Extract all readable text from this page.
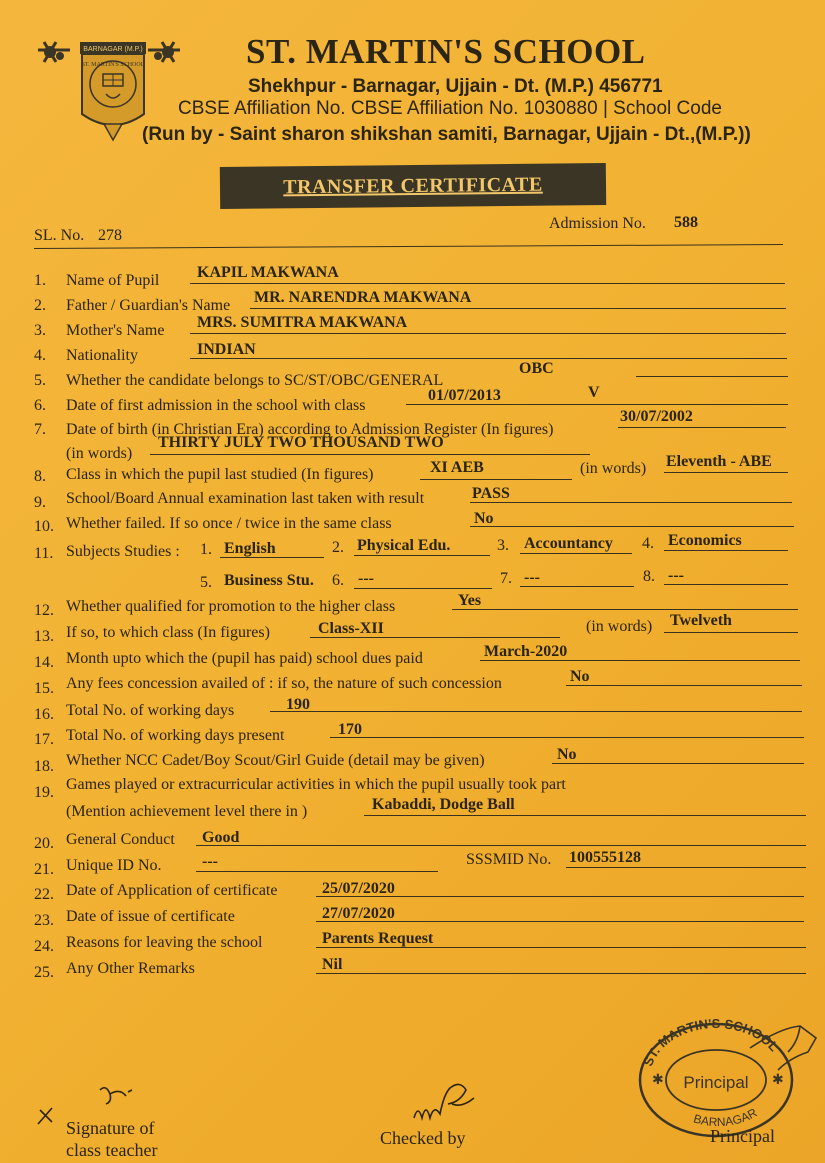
BARNAGAR (M.P.)
ST. MARTIN'S SCHOOL	ST. MARTIN'S SCHOOL
Shekhpur - Barnagar, Ujjain - Dt. (M.P.) 456771
CBSE Affiliation No. CBSE Affiliation No. 1030880 | School Code
(Run by - Saint sharon shikshan samiti, Barnagar, Ujjain - Dt.,(M.P.))
TRANSFER CERTIFICATE
SL. No. 278
Admission No. 588
1. Name of Pupil KAPIL MAKWANA
2. Father / Guardian's Name MR. NARENDRA MAKWANA
3. Mother's Name MRS. SUMITRA MAKWANA
4. Nationality	INDIAN
5. Whether the candidate belongs to SC/ST/OBC/GENERAL
OBC
6. Date of first admission in the school with class
01/07/2013	V
7. Date of birth (in Christian Era) according to Admission Register (In figures)
30/07/2002
(in words)
THIRTY JULY TWO THOUSAND TWO
8. Class in which the pupil last studied (In figures)	XI AEB	(in words) Eleventh - ABE
9. School/Board Annual examination last taken with result	PASS
10. Whether failed. If so once / twice in the same class	No
11. Subjects Studies : 1. English	2. Physical Edu.	3. Accountancy 4. Economics
5. Business Stu. 6. ---	7. ---	8. ---
12. Whether qualified for promotion to the higher class	Yes
13. If so, to which class (In figures)	Class-XII	(in words) Twelveth
14. Month upto which the (pupil has paid) school dues paid	March-2020
15. Any fees concession availed of : if so, the nature of such concession	No
16. Total No. of working days	190
17. Total No. of working days present	170
18. Whether NCC Cadet/Boy Scout/Girl Guide (detail may be given)	No
19. Games played or extracurricular activities in which the pupil usually took part
(Mention achievement level there in )	Kabaddi, Dodge Ball
20. General Conduct Good
21. Unique ID No.	---	SSSMID No. 100555128
22. Date of Application of certificate	25/07/2020
23. Date of issue of certificate	27/07/2020
24. Reasons for leaving the school	Parents Request
25. Any Other Remarks	Nil
Signature of
class teacher
Checked by
ST. MARTIN'S SCHOOL
Principal
BARNAGAR
✱	✱
Principal
